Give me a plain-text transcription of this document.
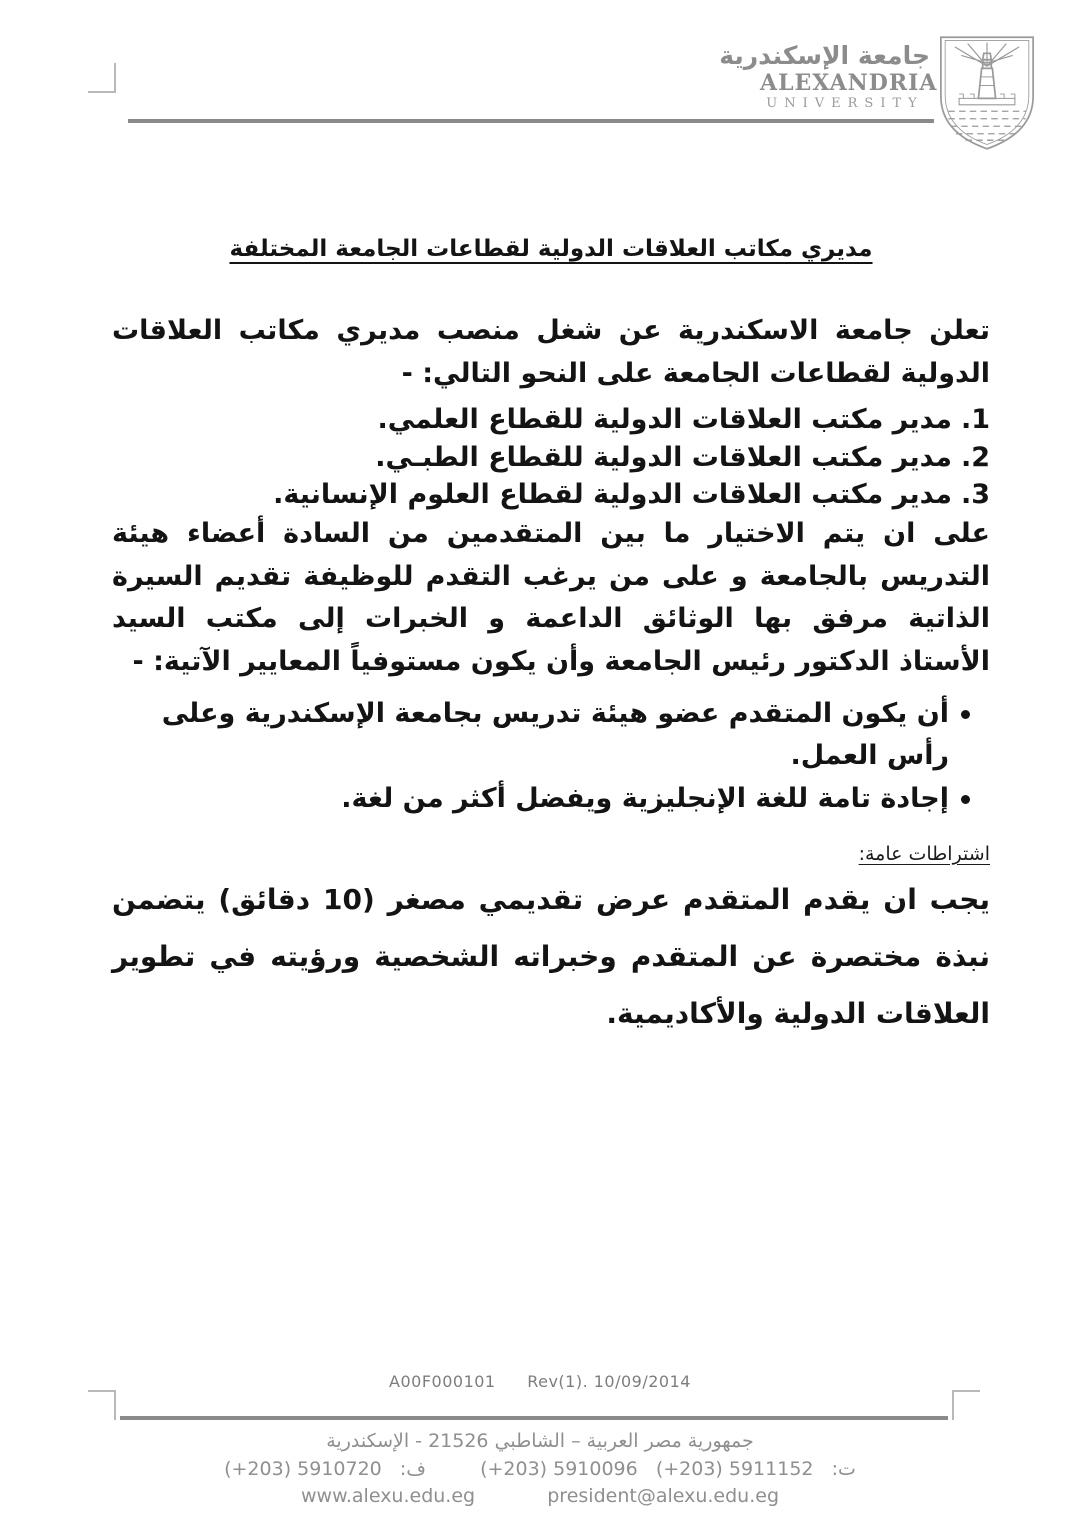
جامعة الإسكندرية
ALEXANDRIA
UNIVERSITY
مديري مكاتب العلاقات الدولية لقطاعات الجامعة المختلفة
تعلن جامعة الاسكندرية عن شغل منصب مديري مكاتب العلاقات الدولية لقطاعات الجامعة على النحو التالي: -
1.
مدير مكتب العلاقات الدولية للقطاع العلمي.
2.
مدير مكتب العلاقات الدولية للقطاع الطبـي.
3.
مدير مكتب العلاقات الدولية لقطاع العلوم الإنسانية.
على ان يتم الاختيار ما بين المتقدمين من السادة أعضاء هيئة التدريس بالجامعة و على من يرغب التقدم للوظيفة تقديم السيرة الذاتية مرفق بها الوثائق الداعمة و الخبرات إلى مكتب السيد الأستاذ الدكتور رئيس الجامعة وأن يكون مستوفياً المعايير الآتية: -
أن يكون المتقدم عضو هيئة تدريس بجامعة الإسكندرية وعلى رأس العمل.
إجادة تامة للغة الإنجليزية ويفضل أكثر من لغة.
اشتراطات عامة:
يجب ان يقدم المتقدم عرض تقديمي مصغر (10 دقائق) يتضمن نبذة مختصرة عن المتقدم وخبراته الشخصية ورؤيته في تطوير العلاقات الدولية والأكاديمية.
A00F000101 Rev(1). 10/09/2014
جمهورية مصر العربية – الشاطبي 21526 - الإسكندرية
ت:  (+203) 5911152  (+203) 5910096  ف:  (+203) 5910720
www.alexu.edu.eg	president@alexu.edu.eg
